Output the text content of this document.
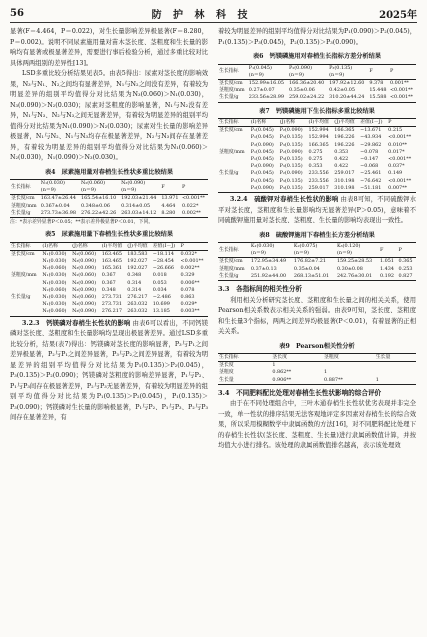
56	防 护 林 科 技	2025年

显著(F＝4.464，P＝0.022)，对生长量影响差异极显著(F＝8.280，P＝0.002)。说明不同尿素施用量对苗木茎长度、茎粗度和生长量的影响均有显著或极显著差异，需要进行事后检验分析，通过多重比较对比具体两两组别的差异性[13]。

LSD多重比较分析结果见表5。由表5得出：尿素对茎长度的影响效果，N₃与N₁、N₂之间均有显著差异，N₁与N₂之间没有差异，有着较为明显差异的组别平均值得分对比结果为N₃(0.060)＞N₁(0.030)，N₃(0.090)＞N₂(0.030)；尿素对茎粗度的影响显著，N₁与N₂没有差异，N₁与N₃、N₂与N₃之间无显著差异，有着较为明显差异的组别平均值得分对比结果为N₁(0.090)＞N₂(0.030)；尿素对生长量的影响差异极显著，N₁与N₂、N₁与N₃均存在极显著差异，N₂与N₃间存在显著差异，有着较为明显差异的组别平均值得分对比结果为N₁(0.060)＞N₂(0.030)，N₁(0.090)＞N₃(0.030)。

表4　尿素施用量对春梢生长性状多重比较结果
生长指标	N₁(0.030)
(n＝9)	N₂(0.060)
(n＝9)	N₃(0.090)
(n＝9)	F	P
茎长度/cm	163.47±26.44	165.54±16.10	192.03±21.44	13.971	<0.001**
茎粗度/mm	0.367±0.04	0.348±0.06	0.314±0.05	4.464	0.022*
生长量/g	273.73±36.98	276.22±42.26	263.03±14.12	8.280	0.002**
注：*表示差异显著P＜0.05；**表示差异极显著P＜0.01，下同。
表5　尿素施用量下春梢生长性状多重比较结果
生长指标	(I)名称	(J)名称	(I)平均值	(J)平均值	差值(I－J)	P
茎长度/cm	N₁(0.030)	N₂(0.060)	163.465	183.583	−18.114	0.032*
	N₁(0.030)	N₃(0.090)	163.465	192.027	−28.454	<0.001**
	N₂(0.060)	N₃(0.090)	165.361	192.027	−26.666	0.002**
茎粗度/mm	N₁(0.030)	N₂(0.060)	0.367	0.348	0.018	0.329
	N₁(0.030)	N₃(0.090)	0.367	0.314	0.053	0.006**
	N₂(0.060)	N₃(0.090)	0.348	0.314	0.034	0.078
生长量/g	N₁(0.030)	N₂(0.060)	273.731	276.217	−2.486	0.863
	N₁(0.030)	N₃(0.090)	273.731	263.032	10.699	0.029*
	N₂(0.060)	N₃(0.090)	276.217	263.032	13.185	0.003**

3.2.3　钙镁磷对春梢生长性状的影响 由表6可以看出，不同钙镁磷对茎长度、茎粗度和生长量影响均呈现出极显著差异。通过LSD多重比较分析，结果(表7)得出：钙镁磷对茎长度的影响显著，P₃与P₁之间差异极显著，P₂与P₁之间差异显著，P₃与P₂之间差异显著，有着较为明显差异的组别平均值得分对比结果为P₁(0.135)＞P₂(0.045)，P₃(0.135)＞P₂(0.090)；钙镁磷对茎粗度的影响差异显著，P₁与P₂、P₁与P₃间存在极显著差异，P₂与P₃无显著差异，有着较为明显差异的组别平均值得分对比结果为P₁(0.135)＞P₂(0.045)，P₁(0.135)＞P₃(0.090)；钙镁磷对生长量的影响极显著，P₁与P₂、P₁与P₃、P₂与P₃间存在显著差异，有

着较为明显差异的组别平均值得分对比结果为P₁(0.090)＞P₂(0.045)，P₁(0.135)＞P₃(0.045)，P₂(0.135)＞P₃(0.090)。

表6　钙镁磷施用对春梢生长指标方差分析结果
生长指标	P₁(0.045)
(n＝9)	P₂(0.090)
(n＝9)	P₃(0.135)
(n＝9)	F	P
茎长度/cm	152.99±16.05	166.36±20.40	197.92±12.60	9.378	0.001**
茎粗度/mm	0.27±0.07	0.35±0.06	0.42±0.05	15.448	<0.001**
生长量/g	233.56±28.99	259.02±24.22	310.20±44.24	15.588	<0.001**
表7　钙镁磷施用下生长指标多重比较结果
生长指标	(I)名称	(J)名称	(I)平均值	(J)平均值	差值(I－J)	P
茎长度/cm	P₁(0.045)	P₂(0.090)	152.994	166.365	−13.671	0.215
	P₁(0.045)	P₃(0.135)	152.994	196.226	−43.934	<0.001**
	P₂(0.090)	P₃(0.135)	166.365	196.226	−29.862	0.010**
茎粗度/mm	P₁(0.045)	P₂(0.090)	0.275	0.353	−0.078	0.017*
	P₁(0.045)	P₃(0.135)	0.275	0.422	−0.147	<0.001**
	P₂(0.090)	P₃(0.135)	0.353	0.422	−0.068	0.037*
生长量/g	P₁(0.045)	P₂(0.090)	233.556	259.017	−25.461	0.149
	P₁(0.045)	P₃(0.135)	233.556	310.198	−76.642	<0.001**
	P₂(0.090)	P₃(0.135)	259.017	310.198	−51.181	0.007**

3.2.4　硫酸钾对春梢生长性状的影响 由表8可知，不同硫酸钾水平对茎长度，茎粗度和生长量影响均无显著差异(P＞0.05)，意味着不同硫酸钾施用量对茎长度、茎粗度、生长量的影响均表现出一致性。

表8　硫酸钾施用下春梢生长方差分析结果
生长指标	K₁(0.030)
(n＝9)	K₂(0.075)
(n＝9)	K₃(0.120)
(n＝9)	F	P
茎长度/cm	172.95±34.49	176.82±7.21	159.25±28.53	1.051	0.365
茎粗度/mm	0.37±0.13	0.35±0.04	0.30±0.08	1.434	0.253
生长量/g	251.92±44.00	268.13±51.01	242.76±30.01	0.192	0.827
3.3　各指标间的相关性分析

利用相关分析研究茎长度、茎粗度和生长量之间的相关关系，使用Pearson相关系数表示相关关系的强弱。由表9可知，茎长度、茎粗度和生长量3个指标，两两之间差异均极显著(P＜0.01)，有着显著的正相关关系。

表9　Pearson相关性分析
生长指标	茎长度	茎粗度	生长量
茎长度	1		
茎粗度	0.862**	1	
生长量	0.906**	0.887**	1
3.4　不同肥料配比处理对春梢生长性状影响的综合评价

由于在不同处理组合中，三叶木通春梢生长性状优劣表现并非完全一致，单一性状的排序结果无法客观地评定多因素对春梢生长的综合效果，所以采用模糊数学中隶属函数的方法[16]，对不同肥料配比处理下的春梢生长性状(茎长度、茎粗度、生长量)进行隶属函数值计算，并按均值大小进行排名。该处理的隶属函数值排名越高，表示该处理效
